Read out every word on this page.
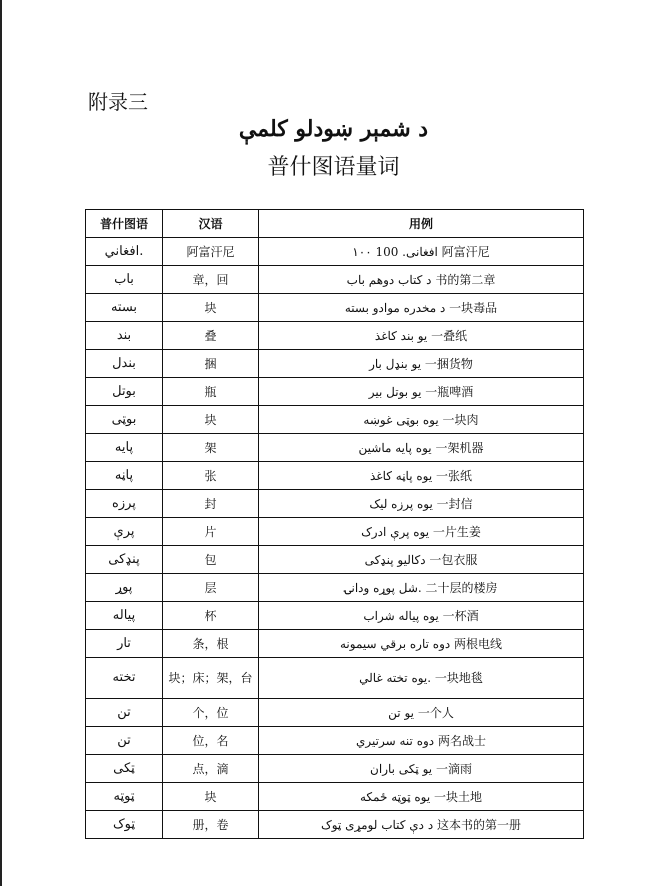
附录三
د شمېر ښودلو کلمې
普什图语量词
普什图语	汉语	用例
افغاني.	阿富汗尼	۱۰۰ افغانی. 100 阿富汗尼
باب	章，回	د کتاب دوهم باب 书的第二章
بسته	块	د مخدره موادو بسته 一块毒品
بند	叠	يو بند كاغذ 一叠纸
بندل	捆	يو بنډل بار 一捆货物
بوتل	瓶	يو بوتل بير 一瓶啤酒
بوټی	块	يوه بوټی غوښه 一块肉
پايه	架	يوه پايه ماشين 一架机器
پاڼه	张	يوه پاڼه كاغذ 一张纸
پرزه	封	يوه پرزه ليک 一封信
پرې	片	يوه پرې ادرک 一片生姜
پنډکی	包	دکاليو پنډکی 一包衣服
پوړ	层	شل پوړه ودانۍ. 二十层的楼房
پياله	杯	يوه پياله شراب 一杯酒
تار	条，根	دوه تاره برقي سيمونه 两根电线
تخته	块；床；架，台	يوه تخته غالي. 一块地毯
تن	个，位	يو تن 一个人
تن	位，名	دوه تنه سرتيري 两名战士
ټکی	点，滴	يو ټکی باران 一滴雨
ټوټه	块	يوه ټوټه ځمکه 一块土地
ټوک	册，卷	د دې کتاب لومړی ټوک 这本书的第一册
